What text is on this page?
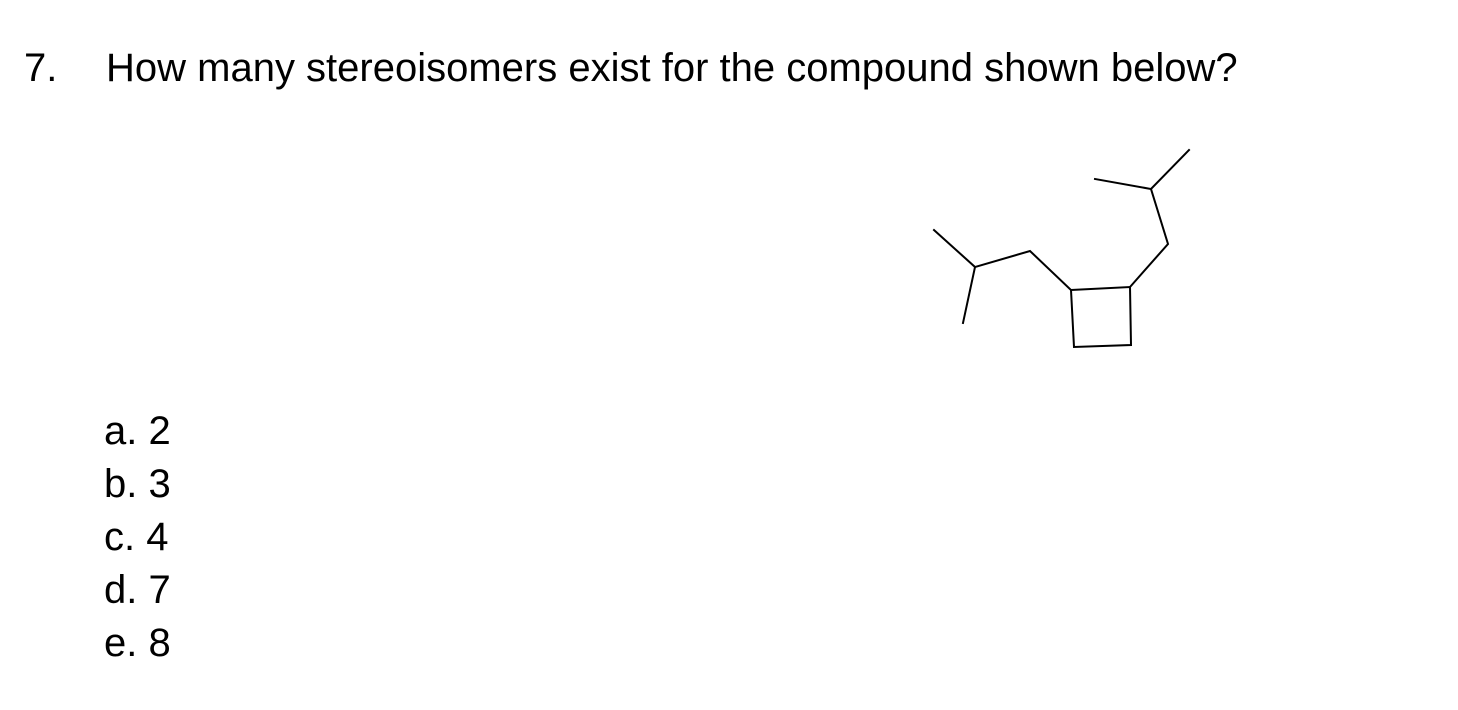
7. How many stereoisomers exist for the compound shown below?
a. 2
b. 3
c. 4
d. 7
e. 8
